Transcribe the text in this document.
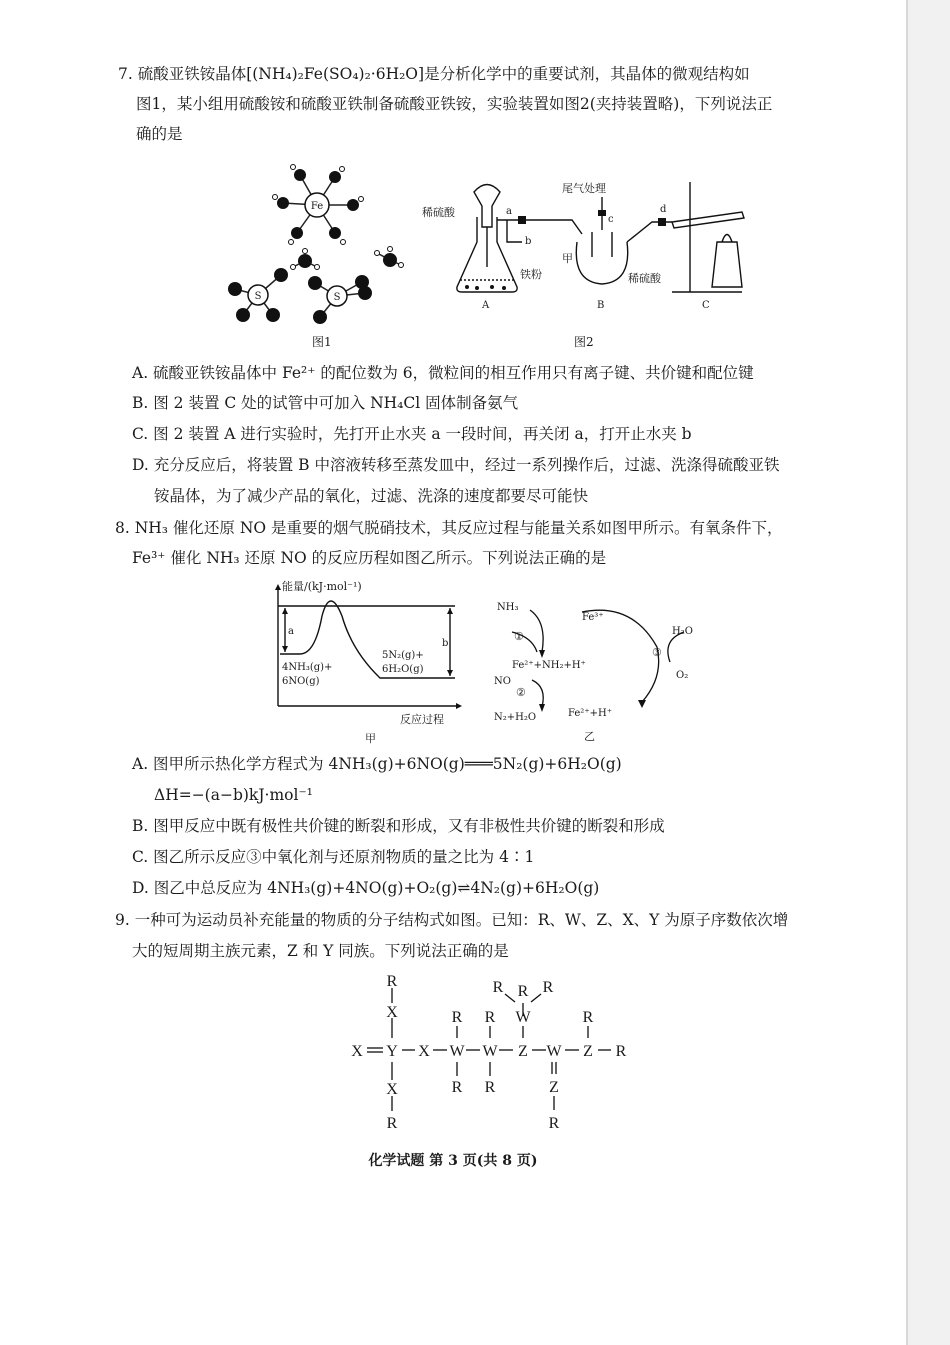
7. 硫酸亚铁铵晶体[(NH₄)₂Fe(SO₄)₂·6H₂O]是分析化学中的重要试剂，其晶体的微观结构如
图1，某小组用硫酸铵和硫酸亚铁制备硫酸亚铁铵，实验装置如图2(夹持装置略)，下列说法正
确的是
Fe
S	S
图1
稀硫酸
尾气处理
a
b
c
d
甲
铁粉	稀硫酸
A	B	C
图2
A. 硫酸亚铁铵晶体中 Fe²⁺ 的配位数为 6，微粒间的相互作用只有离子键、共价键和配位键
B. 图 2 装置 C 处的试管中可加入 NH₄Cl 固体制备氨气
C. 图 2 装置 A 进行实验时，先打开止水夹 a 一段时间，再关闭 a，打开止水夹 b
D. 充分反应后，将装置 B 中溶液转移至蒸发皿中，经过一系列操作后，过滤、洗涤得硫酸亚铁
铵晶体，为了减少产品的氧化，过滤、洗涤的速度都要尽可能快
8. NH₃ 催化还原 NO 是重要的烟气脱硝技术，其反应过程与能量关系如图甲所示。有氧条件下，
Fe³⁺ 催化 NH₃ 还原 NO 的反应历程如图乙所示。下列说法正确的是
能量/(kJ·mol⁻¹)
a
b
4NH₃(g)+
6NO(g)
5N₂(g)+
6H₂O(g)
反应过程
甲
NH₃
Fe³⁺
①
③
H₂O
O₂
Fe²⁺+NH₂+H⁺
NO
②
N₂+H₂O	Fe²⁺+H⁺
乙
A. 图甲所示热化学方程式为 4NH₃(g)+6NO(g)═══5N₂(g)+6H₂O(g)
ΔH=−(a−b)kJ·mol⁻¹
B. 图甲反应中既有极性共价键的断裂和形成，又有非极性共价键的断裂和形成
C. 图乙所示反应③中氧化剂与还原剂物质的量之比为 4∶1
D. 图乙中总反应为 4NH₃(g)+4NO(g)+O₂(g)⇌4N₂(g)+6H₂O(g)
9. 一种可为运动员补充能量的物质的分子结构式如图。已知：R、W、Z、X、Y 为原子序数依次增
大的短周期主族元素，Z 和 Y 同族。下列说法正确的是
R
X
X Y X W W Z W Z R
X
R
R
R
R
R
W
R
R R
Z
R
R
化学试题 第 3 页(共 8 页)
